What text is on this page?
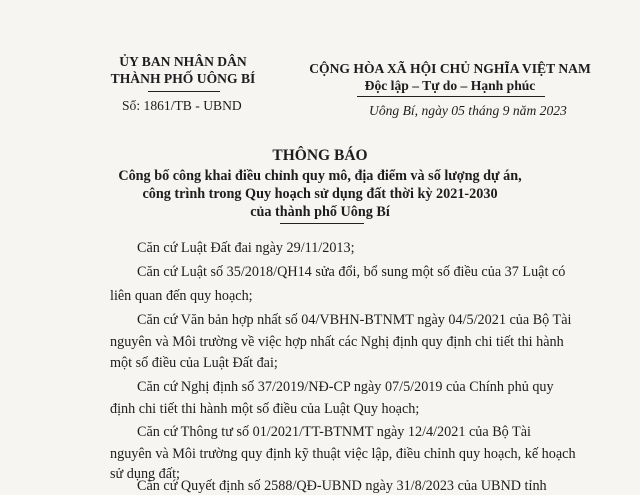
ỦY BAN NHÂN DÂN
THÀNH PHỐ UÔNG BÍ
Số: 1861/TB - UBND
CỘNG HÒA XÃ HỘI CHỦ NGHĨA VIỆT NAM
Độc lập – Tự do – Hạnh phúc
Uông Bí, ngày 05 tháng 9 năm 2023
THÔNG BÁO
Công bố công khai điều chỉnh quy mô, địa điểm và số lượng dự án,
công trình trong Quy hoạch sử dụng đất thời kỳ 2021-2030
của thành phố Uông Bí
Căn cứ Luật Đất đai ngày 29/11/2013;
Căn cứ Luật số 35/2018/QH14 sửa đổi, bổ sung một số điều của 37 Luật có
liên quan đến quy hoạch;
Căn cứ Văn bản hợp nhất số 04/VBHN-BTNMT ngày 04/5/2021 của Bộ Tài
nguyên và Môi trường về việc hợp nhất các Nghị định quy định chi tiết thi hành
một số điều của Luật Đất đai;
Căn cứ Nghị định số 37/2019/NĐ-CP ngày 07/5/2019 của Chính phủ quy
định chi tiết thi hành một số điều của Luật Quy hoạch;
Căn cứ Thông tư số 01/2021/TT-BTNMT ngày 12/4/2021 của Bộ Tài
nguyên và Môi trường quy định kỹ thuật việc lập, điều chỉnh quy hoạch, kế hoạch
sử dụng đất;
Căn cứ Quyết định số 2588/QĐ-UBND ngày 31/8/2023 của UBND tỉnh
